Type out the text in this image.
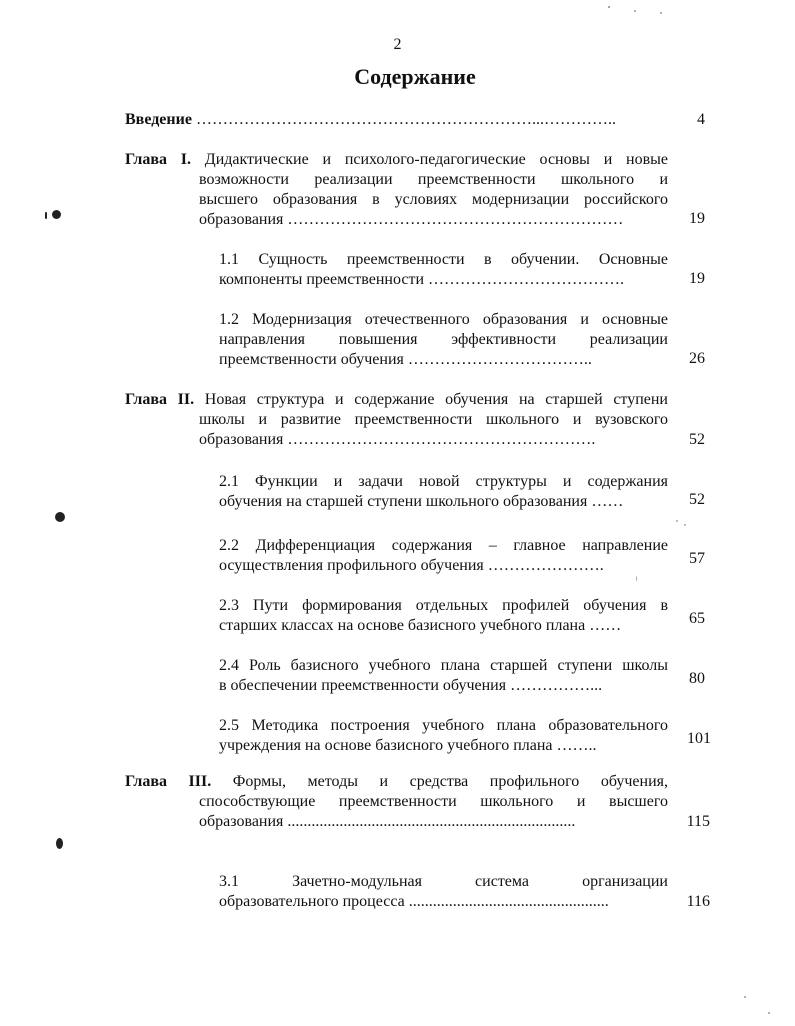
2
Содержание
Введение ………………………………………………………...…………..	4
Глава I. Дидактические и психолого-педагогические основы и новые
возможности реализации преемственности школьного и
высшего образования в условиях модернизации российского
образования ………………………………………………………	19
1.1 Сущность преемственности в обучении. Основные
компоненты преемственности ……………………………….	19
1.2 Модернизация отечественного образования и основные
направления повышения эффективности реализации
преемственности обучения ……………………………..	26
Глава II. Новая структура и содержание обучения на старшей ступени
школы и развитие преемственности школьного и вузовского
образования ………………………………………………….	52
2.1 Функции и задачи новой структуры и содержания
обучения на старшей ступени школьного образования ……	52
2.2 Дифференциация содержания – главное направление
осуществления профильного обучения ………………….	57
2.3 Пути формирования отдельных профилей обучения в
старших классах на основе базисного учебного плана ……	65
2.4 Роль базисного учебного плана старшей ступени школы
в обеспечении преемственности обучения ……………...	80
2.5 Методика построения учебного плана образовательного
учреждения на основе базисного учебного плана ……..	101
Глава III. Формы, методы и средства профильного обучения,
способствующие преемственности школьного и высшего
образования ........................................................................	115
3.1 Зачетно-модульная система организации
образовательного процесса ..................................................	116
